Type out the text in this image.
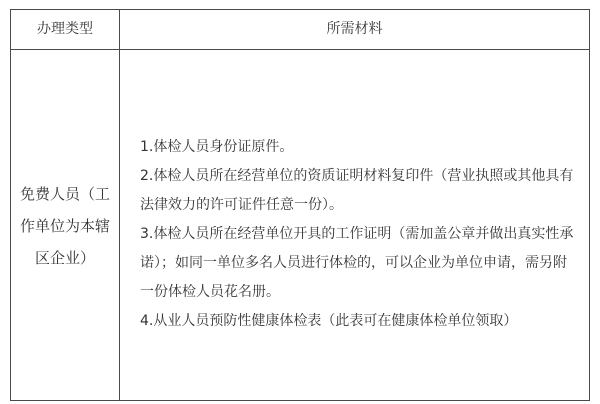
办理类型	所需材料
免费人员（工作单位为本辖区企业）

1.体检人员身份证原件。

2.体检人员所在经营单位的资质证明材料复印件（营业执照或其他具有法律效力的许可证件任意一份）。

3.体检人员所在经营单位开具的工作证明（需加盖公章并做出真实性承诺）；如同一单位多名人员进行体检的，可以企业为单位申请，需另附一份体检人员花名册。

4.从业人员预防性健康体检表（此表可在健康体检单位领取）
